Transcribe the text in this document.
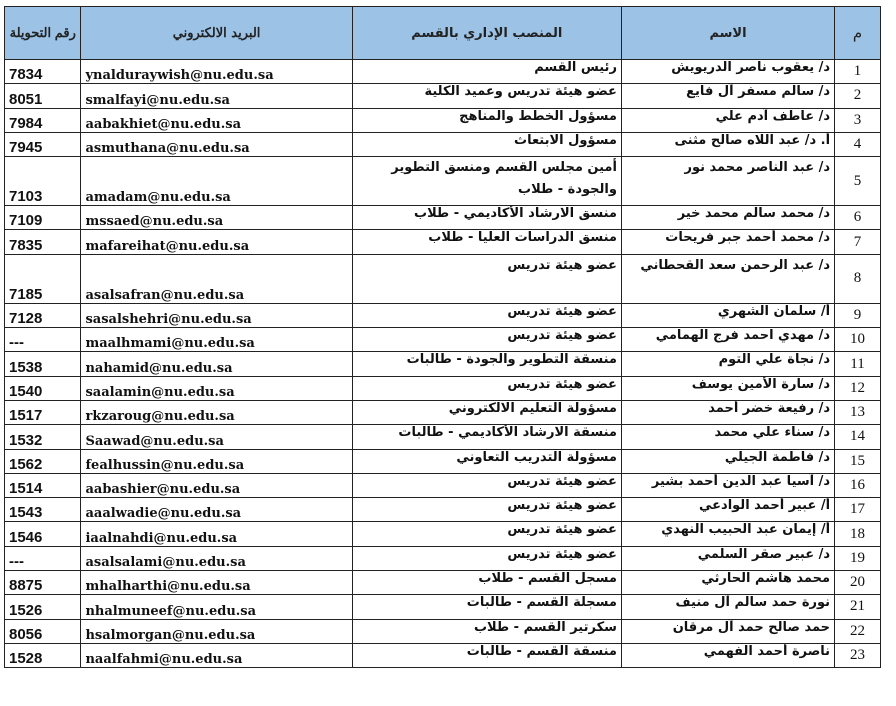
رقم التحويلة	البريد الالكتروني	المنصب الإداري بالقسم	الاسم	م
7834	ynalduraywish@nu.edu.sa	رئيس القسم	د/ يعقوب ناصر الدريويش	1
8051	smalfayi@nu.edu.sa	عضو هيئة تدريس وعميد الكلية	د/ سالم مسفر آل فايع	2
7984	aabakhiet@nu.edu.sa	مسؤول الخطط والمناهج	د/ عاطف آدم علي	3
7945	asmuthana@nu.edu.sa	مسؤول الابتعاث	أ. د/ عبد اللاه صالح مثنى	4
7103	amadam@nu.edu.sa	أمين مجلس القسم ومنسق التطوير والجودة - طلاب	د/ عبد الناصر محمد نور	5
7109	mssaed@nu.edu.sa	منسق الارشاد الأكاديمي - طلاب	د/ محمد سالم محمد خير	6
7835	mafareihat@nu.edu.sa	منسق الدراسات العليا - طلاب	د/ محمد أحمد جبر فريحات	7
7185	asalsafran@nu.edu.sa	عضو هيئة تدريس	د/ عبد الرحمن سعد القحطاني	8
7128	sasalshehri@nu.edu.sa	عضو هيئة تدريس	أ/ سلمان الشهري	9
---	maalhmami@nu.edu.sa	عضو هيئة تدريس	د/ مهدي احمد فرج الهمامي	10
1538	nahamid@nu.edu.sa	منسقة التطوير والجودة - طالبات	د/ نجاة علي التوم	11
1540	saalamin@nu.edu.sa	عضو هيئة تدريس	د/ سارة الأمين يوسف	12
1517	rkzaroug@nu.edu.sa	مسؤولة التعليم الالكتروني	د/ رفيعة خضر أحمد	13
1532	Saawad@nu.edu.sa	منسقة الارشاد الأكاديمي - طالبات	د/ سناء علي محمد	14
1562	fealhussin@nu.edu.sa	مسؤولة التدريب التعاوني	د/ فاطمة الجيلي	15
1514	aabashier@nu.edu.sa	عضو هيئة تدريس	د/ آسيا عبد الدين أحمد بشير	16
1543	aaalwadie@nu.edu.sa	عضو هيئة تدريس	أ/ عبير أحمد الوادعي	17
1546	iaalnahdi@nu.edu.sa	عضو هيئة تدريس	أ/ إيمان عبد الحبيب النهدي	18
---	asalsalami@nu.edu.sa	عضو هيئة تدريس	د/ عبير صقر السلمي	19
8875	mhalharthi@nu.edu.sa	مسجل القسم - طلاب	محمد هاشم الحارثي	20
1526	nhalmuneef@nu.edu.sa	مسجلة القسم - طالبات	نورة حمد سالم آل منيف	21
8056	hsalmorgan@nu.edu.sa	سكرتير القسم - طلاب	حمد صالح حمد آل مرقان	22
1528	naalfahmi@nu.edu.sa	منسقة القسم - طالبات	ناصرة أحمد الفهمي	23
